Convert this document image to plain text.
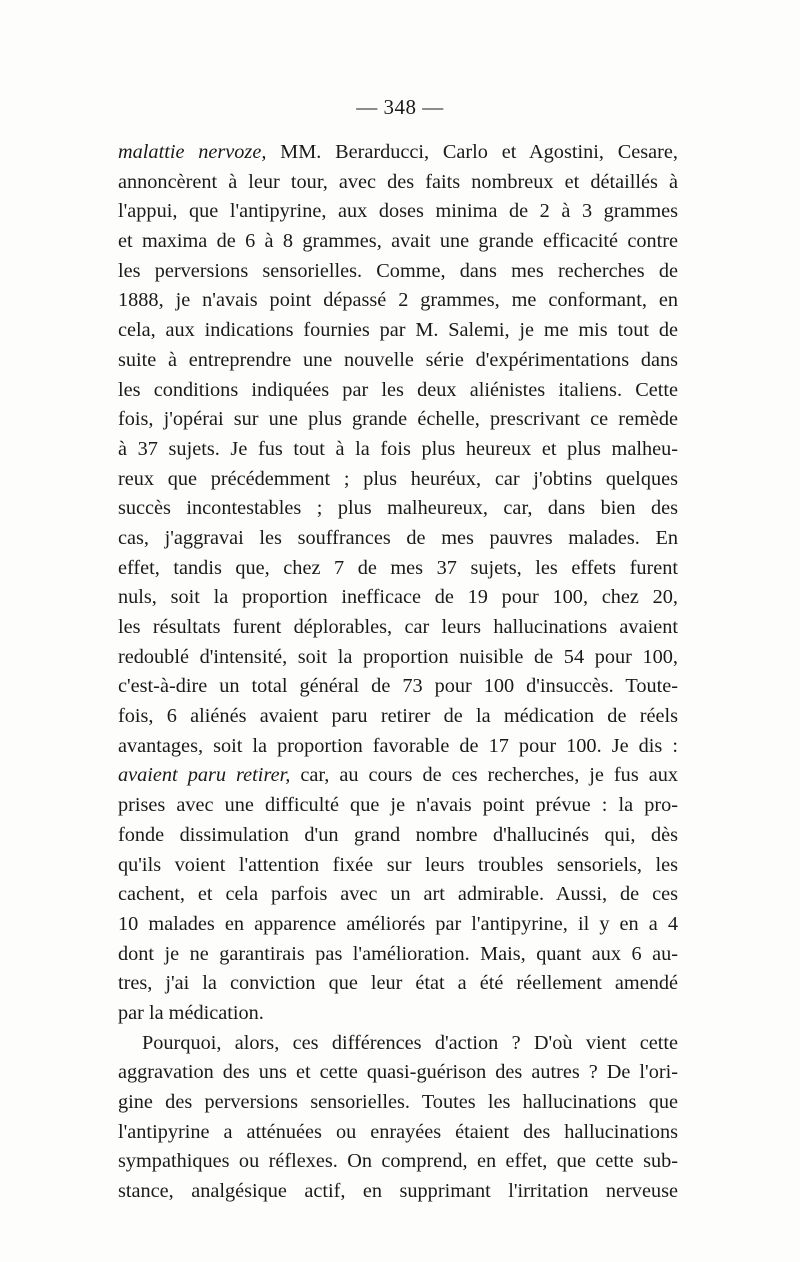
— 348 —
malattie nervoze, MM. Berarducci, Carlo et Agostini, Cesare,
annoncèrent à leur tour, avec des faits nombreux et détaillés à
l'appui, que l'antipyrine, aux doses minima de 2 à 3 grammes
et maxima de 6 à 8 grammes, avait une grande efficacité contre
les perversions sensorielles. Comme, dans mes recherches de
1888, je n'avais point dépassé 2 grammes, me conformant, en
cela, aux indications fournies par M. Salemi, je me mis tout de
suite à entreprendre une nouvelle série d'expérimentations dans
les conditions indiquées par les deux aliénistes italiens. Cette
fois, j'opérai sur une plus grande échelle, prescrivant ce remède
à 37 sujets. Je fus tout à la fois plus heureux et plus malheu-
reux que précédemment ; plus heuréux, car j'obtins quelques
succès incontestables ; plus malheureux, car, dans bien des
cas, j'aggravai les souffrances de mes pauvres malades. En
effet, tandis que, chez 7 de mes 37 sujets, les effets furent
nuls, soit la proportion inefficace de 19 pour 100, chez 20,
les résultats furent déplorables, car leurs hallucinations avaient
redoublé d'intensité, soit la proportion nuisible de 54 pour 100,
c'est-à-dire un total général de 73 pour 100 d'insuccès. Toute-
fois, 6 aliénés avaient paru retirer de la médication de réels
avantages, soit la proportion favorable de 17 pour 100. Je dis :
avaient paru retirer, car, au cours de ces recherches, je fus aux
prises avec une difficulté que je n'avais point prévue : la pro-
fonde dissimulation d'un grand nombre d'hallucinés qui, dès
qu'ils voient l'attention fixée sur leurs troubles sensoriels, les
cachent, et cela parfois avec un art admirable. Aussi, de ces
10 malades en apparence améliorés par l'antipyrine, il y en a 4
dont je ne garantirais pas l'amélioration. Mais, quant aux 6 au-
tres, j'ai la conviction que leur état a été réellement amendé
par la médication.
Pourquoi, alors, ces différences d'action ? D'où vient cette
aggravation des uns et cette quasi-guérison des autres ? De l'ori-
gine des perversions sensorielles. Toutes les hallucinations que
l'antipyrine a atténuées ou enrayées étaient des hallucinations
sympathiques ou réflexes. On comprend, en effet, que cette sub-
stance, analgésique actif, en supprimant l'irritation nerveuse
